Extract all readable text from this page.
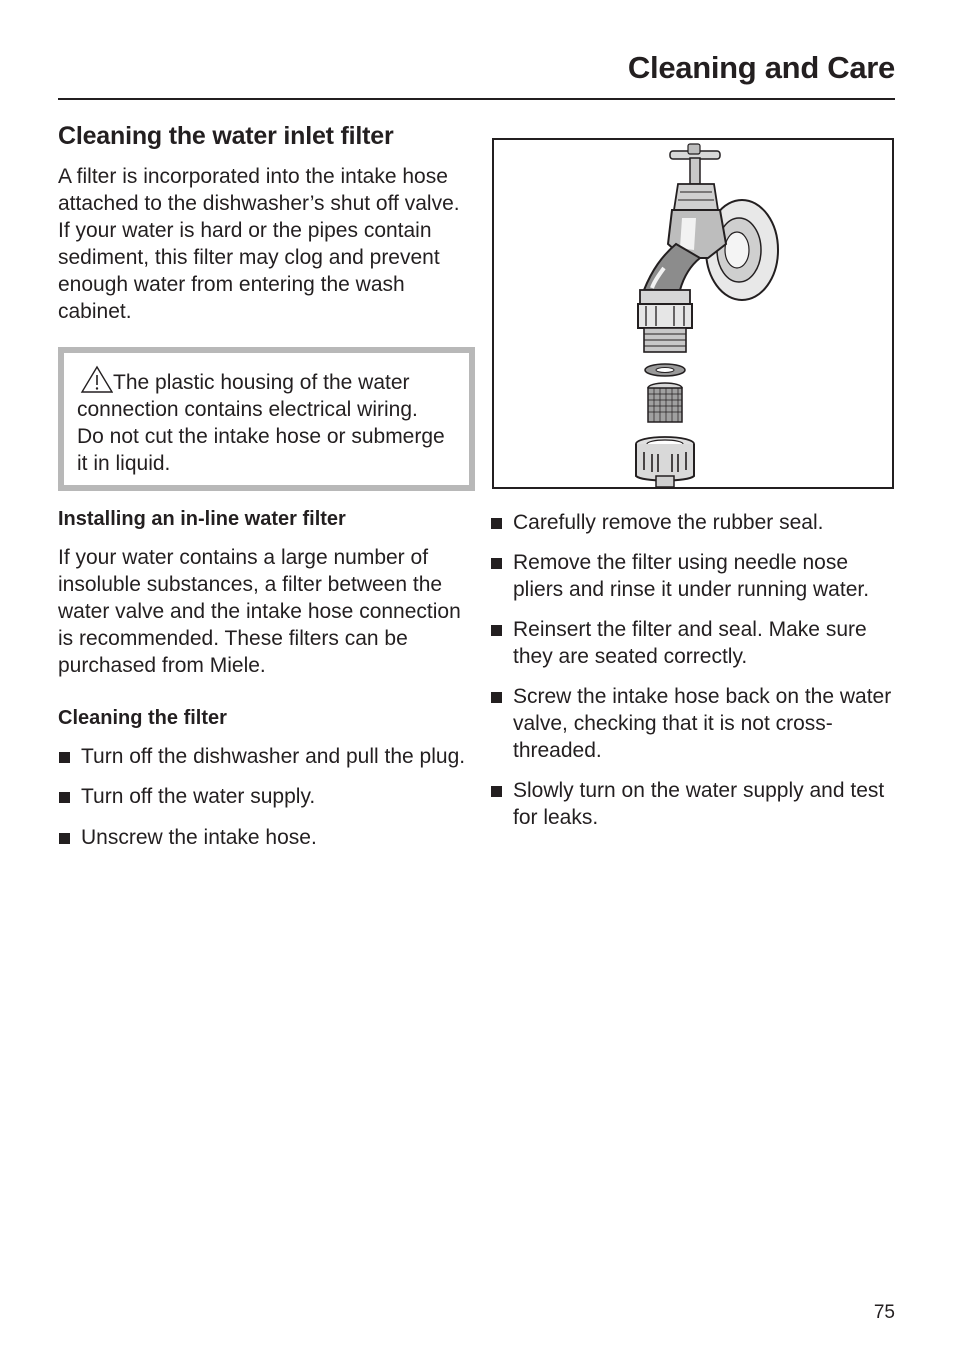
Cleaning and Care
Cleaning the water inlet filter

A filter is incorporated into the intake hose attached to the dishwasher’s shut off valve. If your water is hard or the pipes contain sediment, this filter may clog and prevent enough water from entering the wash cabinet.

The plastic housing of the water connection contains electrical wiring.

Do not cut the intake hose or submerge it in liquid.

Installing an in-line water filter

If your water contains a large number of insoluble substances, a filter between the water valve and the intake hose connection is recommended. These filters can be purchased from Miele.

Cleaning the filter
Turn off the dishwasher and pull the plug.
Turn off the water supply.
Unscrew the intake hose.
Carefully remove the rubber seal.
Remove the filter using needle nose pliers and rinse it under running water.
Reinsert the filter and seal. Make sure they are seated correctly.
Screw the intake hose back on the water valve, checking that it is not cross-threaded.
Slowly turn on the water supply and test for leaks.
75
